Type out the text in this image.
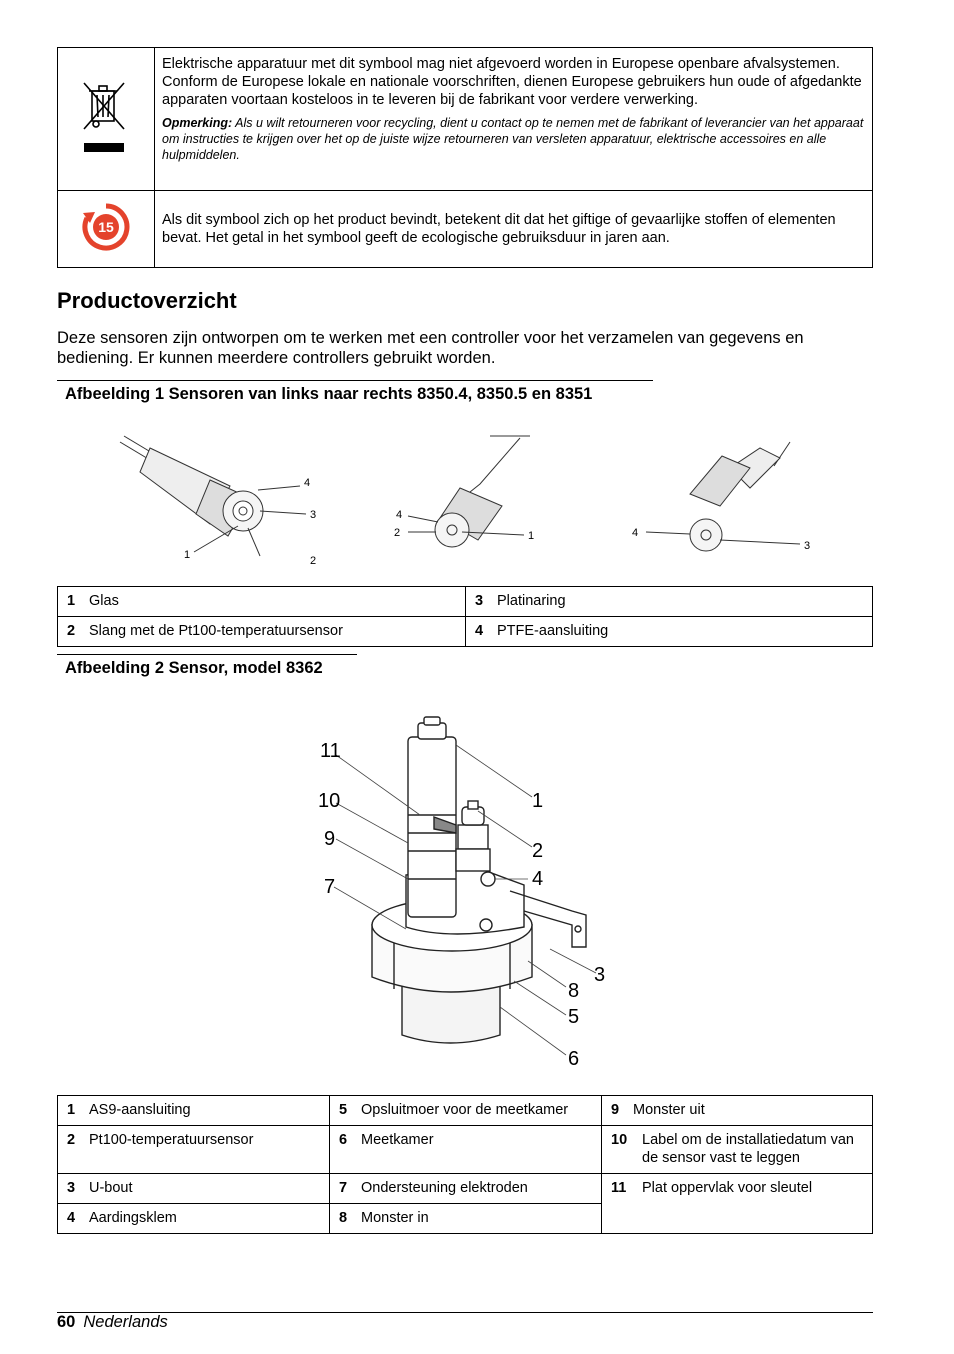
Elektrische apparatuur met dit symbool mag niet afgevoerd worden in Europese openbare afvalsystemen. Conform de Europese lokale en nationale voorschriften, dienen Europese gebruikers hun oude of afgedankte apparaten voortaan kosteloos in te leveren bij de fabrikant voor verdere verwerking.
Opmerking: Als u wilt retourneren voor recycling, dient u contact op te nemen met de fabrikant of leverancier van het apparaat om instructies te krijgen over het op de juiste wijze retourneren van versleten apparatuur, elektrische accessoires en alle hulpmiddelen.

15	Als dit symbool zich op het product bevindt, betekent dit dat het giftige of gevaarlijke stoffen of elementen bevat. Het getal in het symbool geeft de ecologische gebruiksduur in jaren aan.
Productoverzicht

Deze sensoren zijn ontworpen om te werken met een controller voor het verzamelen van gegevens en bediening. Er kunnen meerdere controllers gebruikt worden.

Afbeelding 1 Sensoren van links naar rechts 8350.4, 8350.5 en 8351
4
3
1	2
4
2	1	4
3
1 Glas	3 Platinaring
2 Slang met de Pt100-temperatuursensor	4 PTFE-aansluiting
Afbeelding 2 Sensor, model 8362
11
10
9
7
1
2
4
3
8
5
6
1 AS9-aansluiting	5 Opsluitmoer voor de meetkamer	9 Monster uit
2 Pt100-temperatuursensor	6 Meetkamer	10 Label om de installatiedatum van de sensor vast te leggen

3 U-bout	7 Ondersteuning elektroden	11 Plat oppervlak voor sleutel

4 Aardingsklem	8 Monster in	
60 Nederlands
